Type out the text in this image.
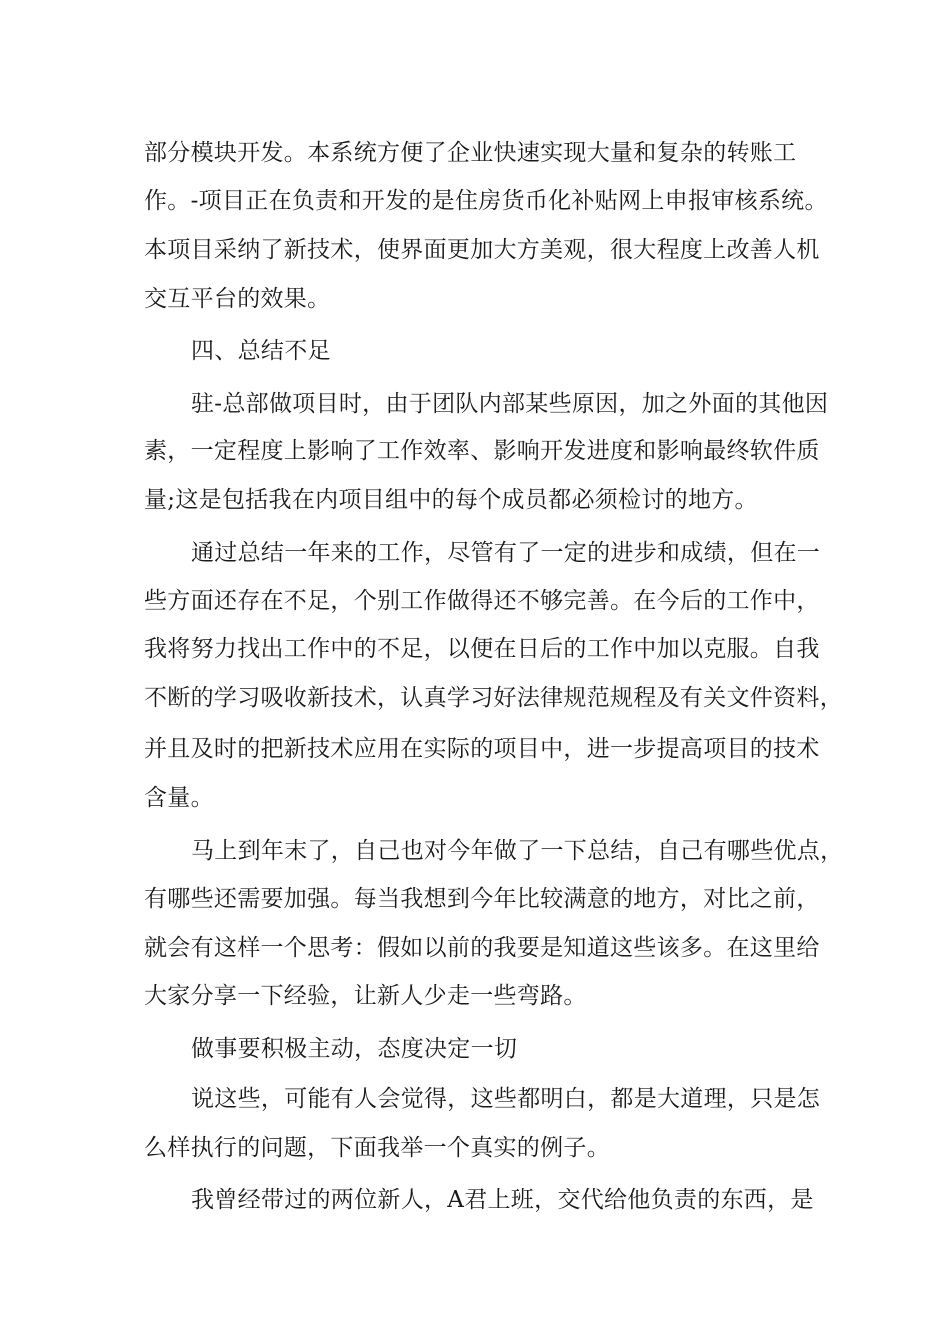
部分模块开发。本系统方便了企业快速实现大量和复杂的转账工
作。-项目正在负责和开发的是住房货币化补贴网上申报审核系统。
本项目采纳了新技术，使界面更加大方美观，很大程度上改善人机
交互平台的效果。
四、总结不足
驻-总部做项目时，由于团队内部某些原因，加之外面的其他因
素，一定程度上影响了工作效率、影响开发进度和影响最终软件质
量;这是包括我在内项目组中的每个成员都必须检讨的地方。
通过总结一年来的工作，尽管有了一定的进步和成绩，但在一
些方面还存在不足，个别工作做得还不够完善。在今后的工作中，
我将努力找出工作中的不足，以便在日后的工作中加以克服。自我
不断的学习吸收新技术，认真学习好法律规范规程及有关文件资料，
并且及时的把新技术应用在实际的项目中，进一步提高项目的技术
含量。
马上到年末了，自己也对今年做了一下总结，自己有哪些优点，
有哪些还需要加强。每当我想到今年比较满意的地方，对比之前，
就会有这样一个思考：假如以前的我要是知道这些该多。在这里给
大家分享一下经验，让新人少走一些弯路。
做事要积极主动，态度决定一切
说这些，可能有人会觉得，这些都明白，都是大道理，只是怎
么样执行的问题，下面我举一个真实的例子。
我曾经带过的两位新人，A君上班，交代给他负责的东西，是
